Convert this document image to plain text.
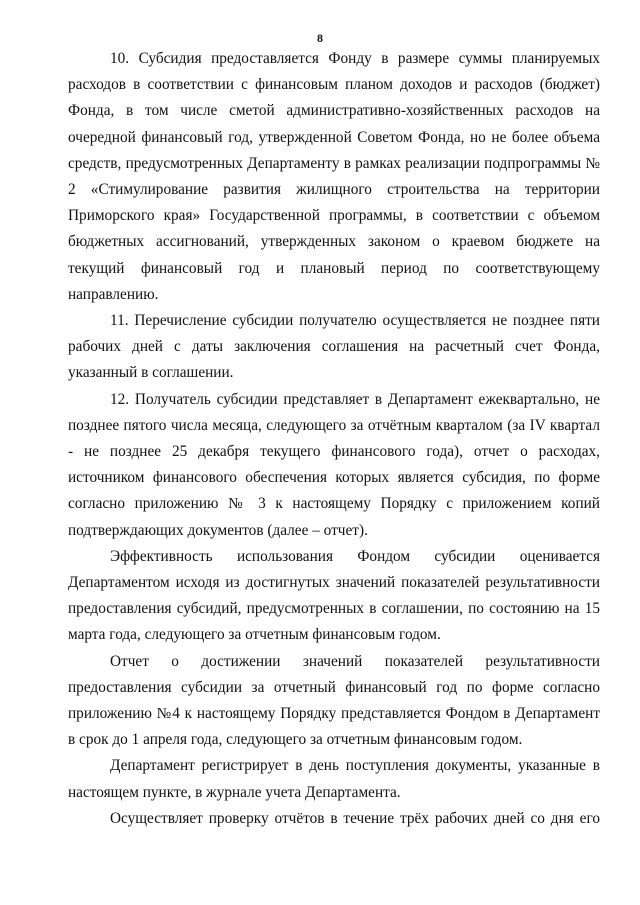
8

10. Субсидия предоставляется Фонду в размере суммы планируемых расходов в соответствии с финансовым планом доходов и расходов (бюджет) Фонда, в том числе сметой административно-хозяйственных расходов на очередной финансовый год, утвержденной Советом Фонда, но не более объема средств, предусмотренных Департаменту в рамках реализации подпрограммы № 2 «Стимулирование развития жилищного строительства на территории Приморского края» Государственной программы, в соответствии с объемом бюджетных ассигнований, утвержденных законом о краевом бюджете на текущий финансовый год и плановый период по соответствующему направлению.

11. Перечисление субсидии получателю осуществляется не позднее пяти рабочих дней с даты заключения соглашения на расчетный счет Фонда, указанный в соглашении.

12. Получатель субсидии представляет в Департамент ежеквартально, не позднее пятого числа месяца, следующего за отчётным кварталом (за IV квартал - не позднее 25 декабря текущего финансового года), отчет о расходах, источником финансового обеспечения которых является субсидия, по форме согласно приложению № 3 к настоящему Порядку с приложением копий подтверждающих документов (далее – отчет).

Эффективность использования Фондом субсидии оценивается Департаментом исходя из достигнутых значений показателей результативности предоставления субсидий, предусмотренных в соглашении, по состоянию на 15 марта года, следующего за отчетным финансовым годом.

Отчет о достижении значений показателей результативности предоставления субсидии за отчетный финансовый год по форме согласно приложению №4 к настоящему Порядку представляется Фондом в Департамент в срок до 1 апреля года, следующего за отчетным финансовым годом.

Департамент регистрирует в день поступления документы, указанные в настоящем пункте, в журнале учета Департамента.

Осуществляет проверку отчётов в течение трёх рабочих дней со дня его
